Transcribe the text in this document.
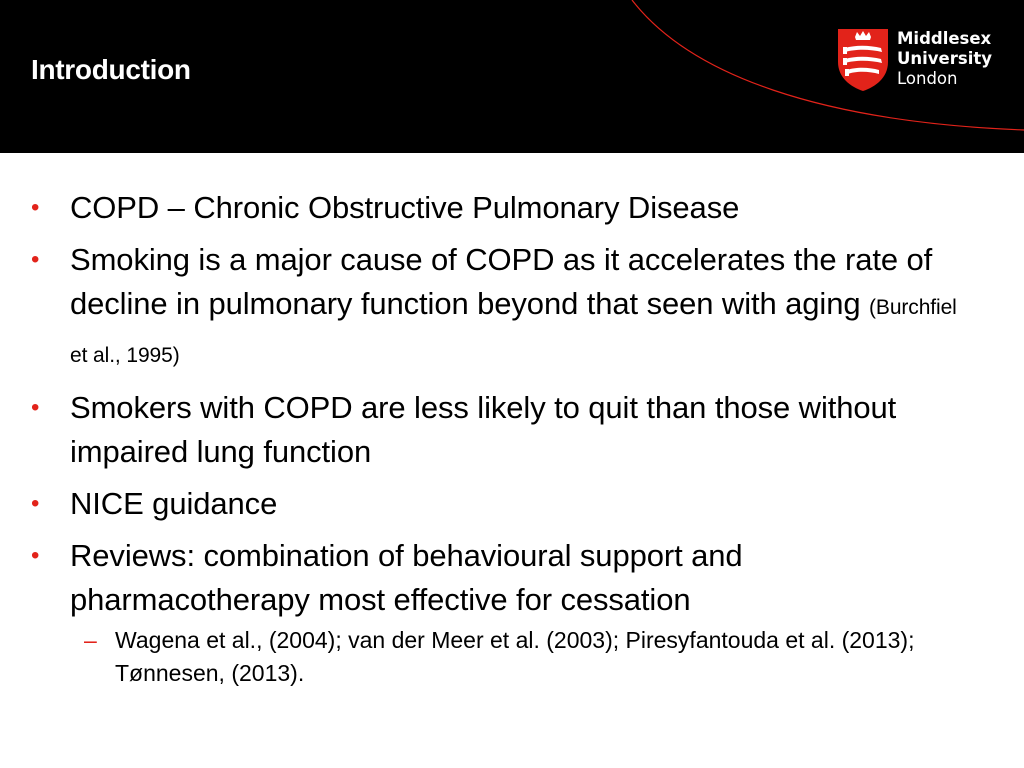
Introduction
Middlesex
University
London
• COPD – Chronic Obstructive Pulmonary Disease
• Smoking is a major cause of COPD as it accelerates the rate of decline in pulmonary function beyond that seen with aging (Burchfiel et al., 1995)
• Smokers with COPD are less likely to quit than those without impaired lung function
• NICE guidance
• Reviews: combination of behavioural support and pharmacotherapy most effective for cessation
– Wagena et al., (2004); van der Meer et al. (2003); Piresyfantouda et al. (2013); Tønnesen, (2013).
